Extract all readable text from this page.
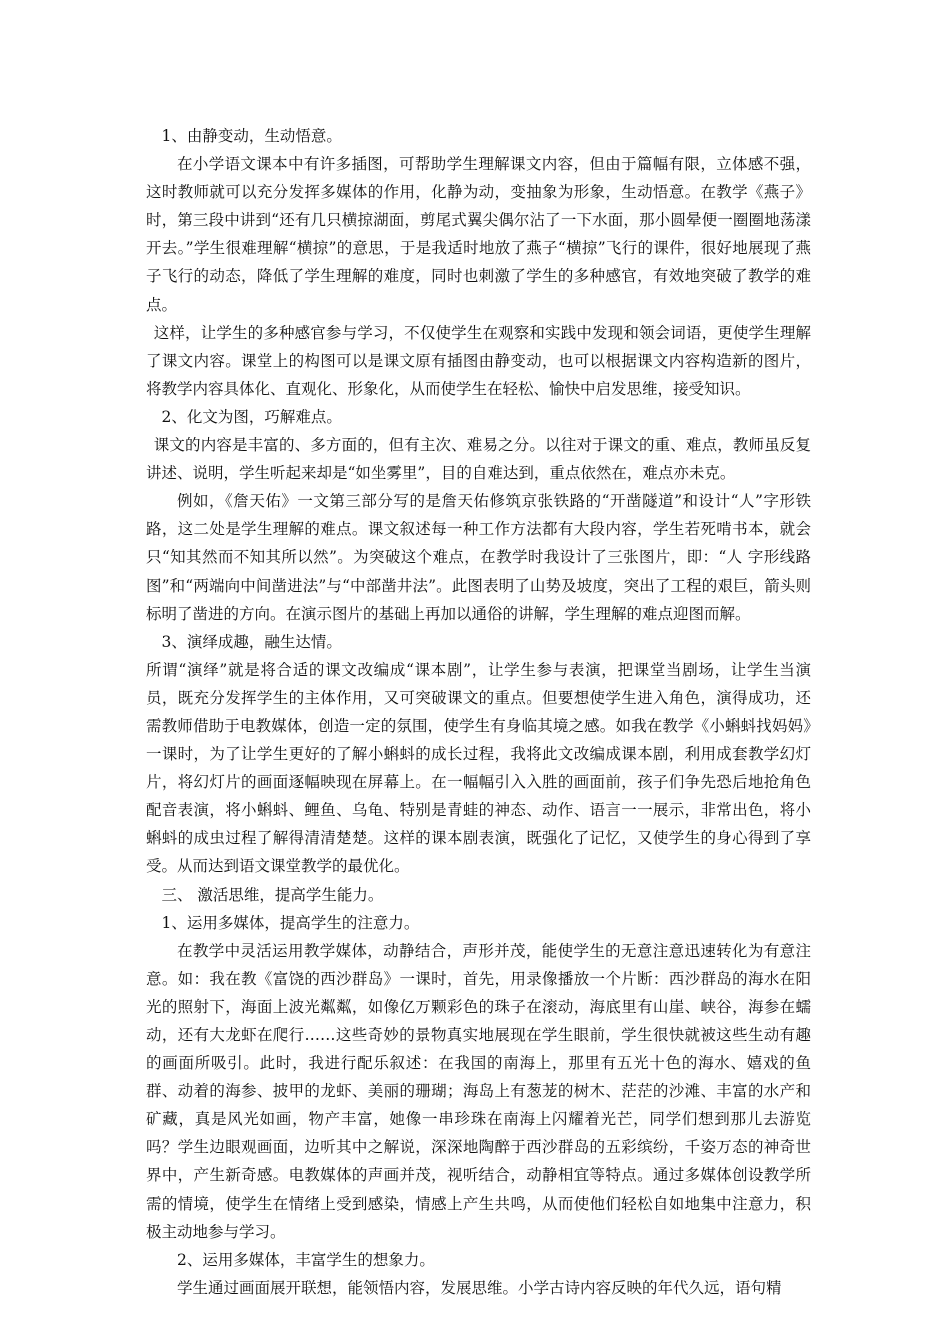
1、由静变动，生动悟意。

在小学语文课本中有许多插图，可帮助学生理解课文内容，但由于篇幅有限，立体感不强，这时教师就可以充分发挥多媒体的作用，化静为动，变抽象为形象，生动悟意。在教学《燕子》时，第三段中讲到“还有几只横掠湖面，剪尾式翼尖偶尔沾了一下水面，那小圆晕便一圈圈地荡漾开去。”学生很难理解“横掠”的意思，于是我适时地放了燕子“横掠”飞行的课件，很好地展现了燕子飞行的动态，降低了学生理解的难度，同时也刺激了学生的多种感官，有效地突破了教学的难点。

这样，让学生的多种感官参与学习，不仅使学生在观察和实践中发现和领会词语，更使学生理解了课文内容。课堂上的构图可以是课文原有插图由静变动，也可以根据课文内容构造新的图片，将教学内容具体化、直观化、形象化，从而使学生在轻松、愉快中启发思维，接受知识。

2、化文为图，巧解难点。

课文的内容是丰富的、多方面的，但有主次、难易之分。以往对于课文的重、难点，教师虽反复讲述、说明，学生听起来却是“如坐雾里”，目的自难达到，重点依然在，难点亦未克。

例如，《詹天佑》一文第三部分写的是詹天佑修筑京张铁路的“开凿隧道”和设计“人”字形铁路，这二处是学生理解的难点。课文叙述每一种工作方法都有大段内容，学生若死啃书本，就会只“知其然而不知其所以然”。为突破这个难点，在教学时我设计了三张图片，即：“人 字形线路图”和“两端向中间凿进法”与“中部凿井法”。此图表明了山势及坡度，突出了工程的艰巨，箭头则标明了凿进的方向。在演示图片的基础上再加以通俗的讲解，学生理解的难点迎图而解。

3、演绎成趣，融生达情。

所谓“演绎”就是将合适的课文改编成“课本剧”，让学生参与表演，把课堂当剧场，让学生当演员，既充分发挥学生的主体作用，又可突破课文的重点。但要想使学生进入角色，演得成功，还需教师借助于电教媒体，创造一定的氛围，使学生有身临其境之感。如我在教学《小蝌蚪找妈妈》一课时，为了让学生更好的了解小蝌蚪的成长过程，我将此文改编成课本剧，利用成套教学幻灯片，将幻灯片的画面逐幅映现在屏幕上。在一幅幅引入入胜的画面前，孩子们争先恐后地抢角色配音表演，将小蝌蚪、鲤鱼、乌龟、特别是青蛙的神态、动作、语言一一展示，非常出色，将小蝌蚪的成虫过程了解得清清楚楚。这样的课本剧表演，既强化了记忆，又使学生的身心得到了享受。从而达到语文课堂教学的最优化。

三、 激活思维，提高学生能力。

1、运用多媒体，提高学生的注意力。

在教学中灵活运用教学媒体，动静结合，声形并茂，能使学生的无意注意迅速转化为有意注意。如：我在教《富饶的西沙群岛》一课时，首先，用录像播放一个片断：西沙群岛的海水在阳光的照射下，海面上波光粼粼，如像亿万颗彩色的珠子在滚动，海底里有山崖、峡谷，海参在蠕动，还有大龙虾在爬行……这些奇妙的景物真实地展现在学生眼前，学生很快就被这些生动有趣的画面所吸引。此时，我进行配乐叙述：在我国的南海上，那里有五光十色的海水、嬉戏的鱼群、动着的海参、披甲的龙虾、美丽的珊瑚；海岛上有葱茏的树木、茫茫的沙滩、丰富的水产和矿藏，真是风光如画，物产丰富，她像一串珍珠在南海上闪耀着光芒，同学们想到那儿去游览吗？学生边眼观画面，边听其中之解说，深深地陶醉于西沙群岛的五彩缤纷，千姿万态的神奇世界中，产生新奇感。电教媒体的声画并茂，视听结合，动静相宜等特点。通过多媒体创设教学所需的情境，使学生在情绪上受到感染，情感上产生共鸣，从而使他们轻松自如地集中注意力，积极主动地参与学习。

2、运用多媒体，丰富学生的想象力。

学生通过画面展开联想，能领悟内容，发展思维。小学古诗内容反映的年代久远，语句精
